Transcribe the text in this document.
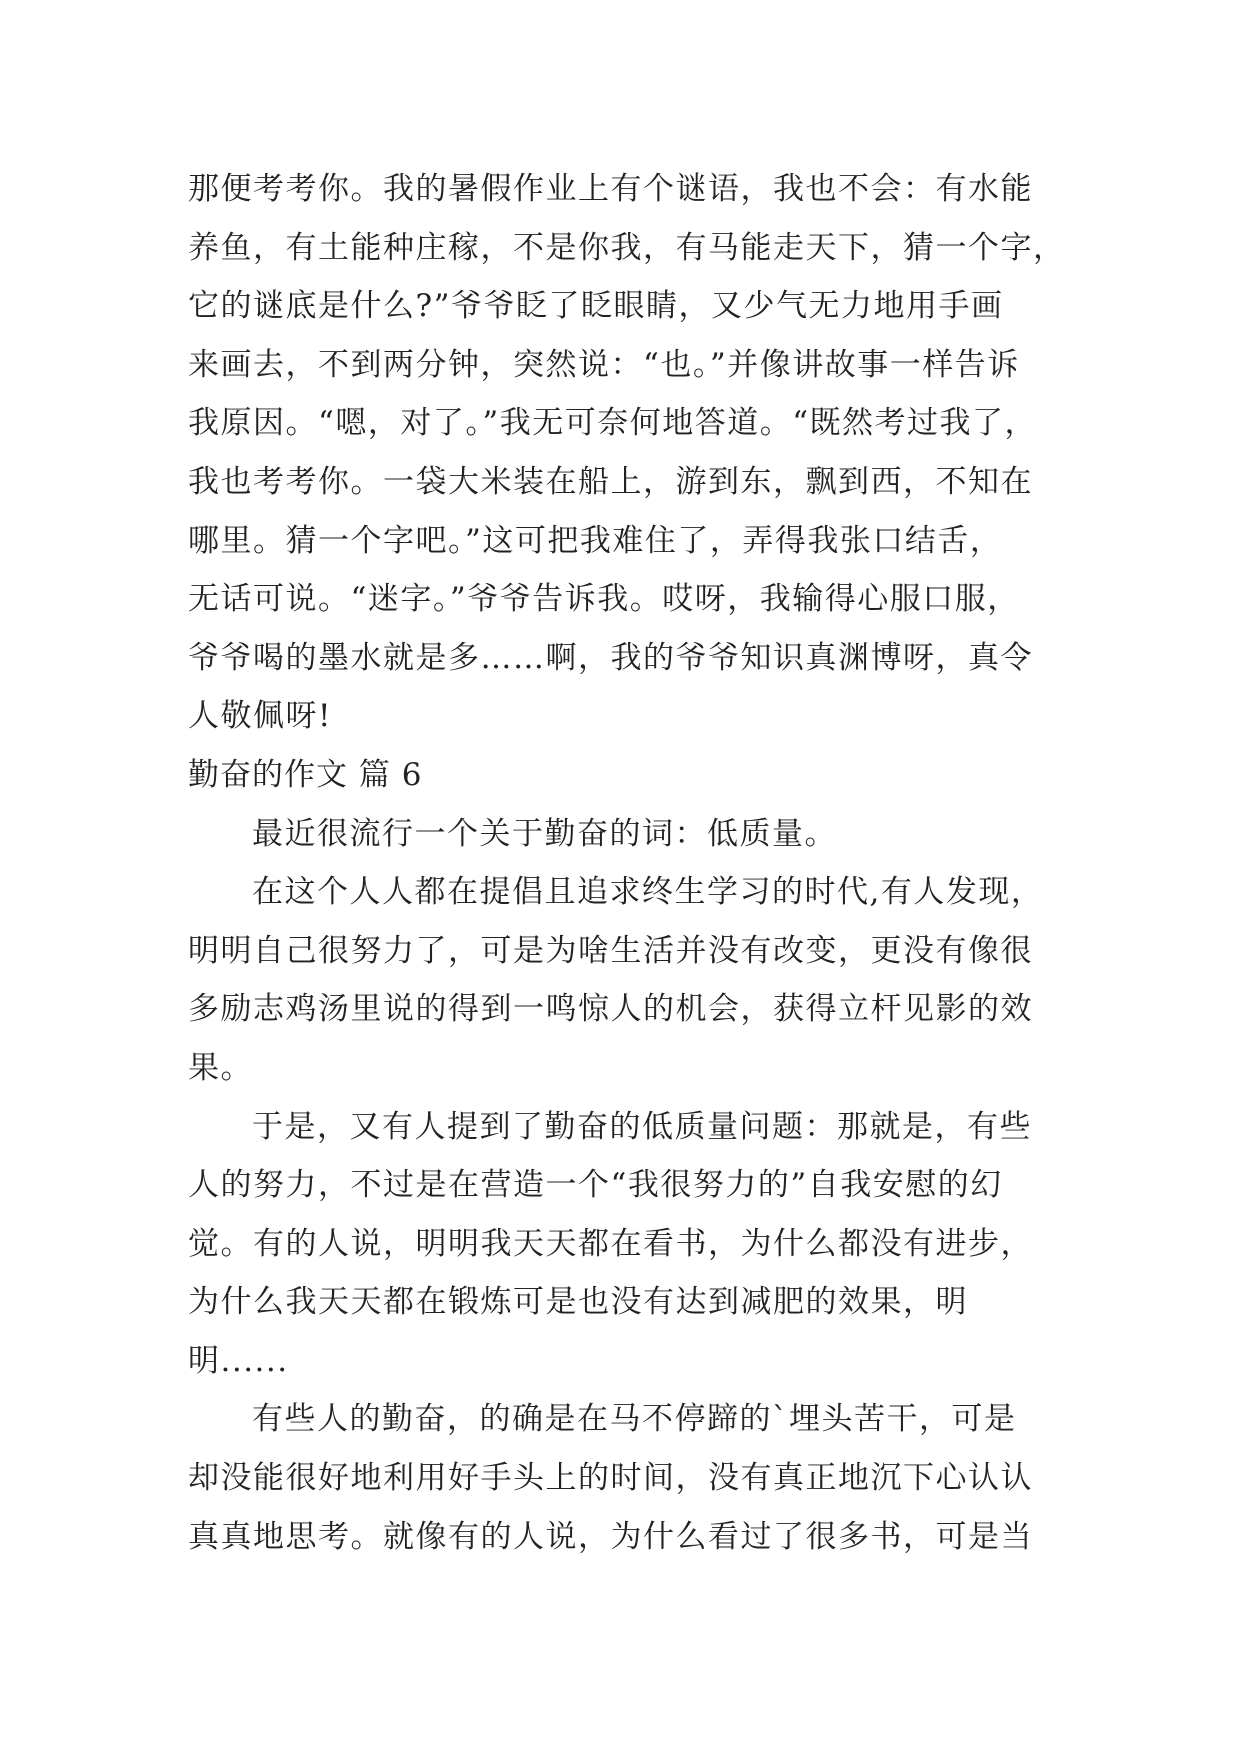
那便考考你。我的暑假作业上有个谜语，我也不会：有水能
养鱼，有土能种庄稼，不是你我，有马能走天下，猜一个字，
它的谜底是什么?”爷爷眨了眨眼睛，又少气无力地用手画
来画去，不到两分钟，突然说：“也。”并像讲故事一样告诉
我原因。“嗯，对了。”我无可奈何地答道。“既然考过我了，
我也考考你。一袋大米装在船上，游到东，飘到西，不知在
哪里。猜一个字吧。”这可把我难住了，弄得我张口结舌，
无话可说。“迷字。”爷爷告诉我。哎呀，我输得心服口服，
爷爷喝的墨水就是多……啊，我的爷爷知识真渊博呀，真令
人敬佩呀!
勤奋的作文 篇 6
最近很流行一个关于勤奋的词：低质量。
在这个人人都在提倡且追求终生学习的时代,有人发现，
明明自己很努力了，可是为啥生活并没有改变，更没有像很
多励志鸡汤里说的得到一鸣惊人的机会，获得立杆见影的效
果。
于是，又有人提到了勤奋的低质量问题：那就是，有些
人的努力，不过是在营造一个“我很努力的”自我安慰的幻
觉。有的人说，明明我天天都在看书，为什么都没有进步，
为什么我天天都在锻炼可是也没有达到减肥的效果，明
明......
有些人的勤奋，的确是在马不停蹄的`埋头苦干，可是
却没能很好地利用好手头上的时间，没有真正地沉下心认认
真真地思考。就像有的人说，为什么看过了很多书，可是当
